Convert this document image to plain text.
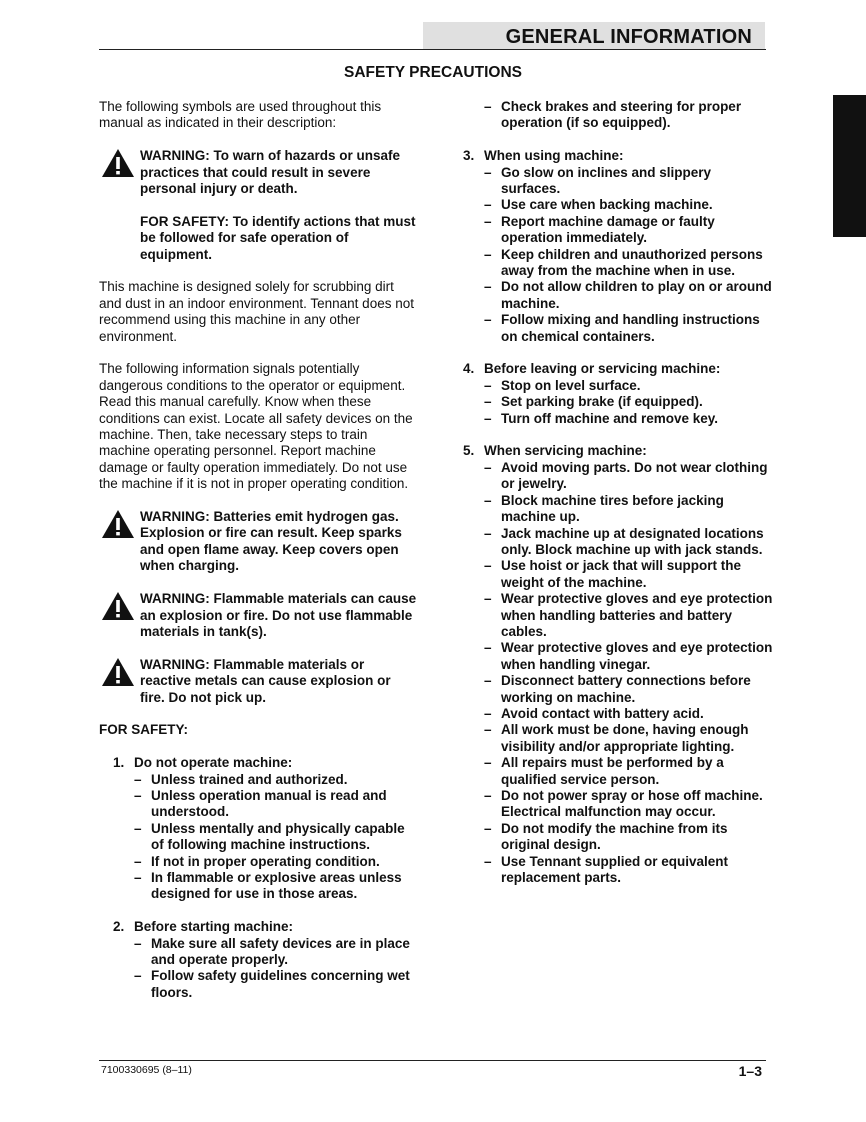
GENERAL INFORMATION
SAFETY PRECAUTIONS

The following symbols are used throughout this manual as indicated in their description:

WARNING: To warn of hazards or unsafe practices that could result in severe personal injury or death.

FOR SAFETY: To identify actions that must be followed for safe operation of equipment.

This machine is designed solely for scrubbing dirt and dust in an indoor environment. Tennant does not recommend using this machine in any other environment.

The following information signals potentially dangerous conditions to the operator or equipment. Read this manual carefully. Know when these conditions can exist. Locate all safety devices on the machine. Then, take necessary steps to train machine operating personnel. Report machine damage or faulty operation immediately. Do not use the machine if it is not in proper operating condition.

WARNING: Batteries emit hydrogen gas. Explosion or fire can result. Keep sparks and open flame away. Keep covers open when charging.

WARNING: Flammable materials can cause an explosion or fire. Do not use flammable materials in tank(s).

WARNING: Flammable materials or reactive metals can cause explosion or fire. Do not pick up.

FOR SAFETY:

1. Do not operate machine:

– Unless trained and authorized.
– Unless operation manual is read and understood.
– Unless mentally and physically capable of following machine instructions.
– If not in proper operating condition.
– In flammable or explosive areas unless designed for use in those areas.
2. Before starting machine:

– Make sure all safety devices are in place and operate properly.
– Follow safety guidelines concerning wet floors.
– Check brakes and steering for proper operation (if so equipped).
3. When using machine:

– Go slow on inclines and slippery surfaces.
– Use care when backing machine.
– Report machine damage or faulty operation immediately.
– Keep children and unauthorized persons away from the machine when in use.
– Do not allow children to play on or around machine.
– Follow mixing and handling instructions on chemical containers.
4. Before leaving or servicing machine:

– Stop on level surface.
– Set parking brake (if equipped).
– Turn off machine and remove key.
5. When servicing machine:

– Avoid moving parts. Do not wear clothing or jewelry.
– Block machine tires before jacking machine up.
– Jack machine up at designated locations only. Block machine up with jack stands.
– Use hoist or jack that will support the weight of the machine.
– Wear protective gloves and eye protection when handling batteries and battery cables.
– Wear protective gloves and eye protection when handling vinegar.
– Disconnect battery connections before working on machine.
– Avoid contact with battery acid.
– All work must be done, having enough visibility and/or appropriate lighting.
– All repairs must be performed by a qualified service person.
– Do not power spray or hose off machine. Electrical malfunction may occur.
– Do not modify the machine from its original design.
– Use Tennant supplied or equivalent replacement parts.
7100330695 (8–11)	1–3
